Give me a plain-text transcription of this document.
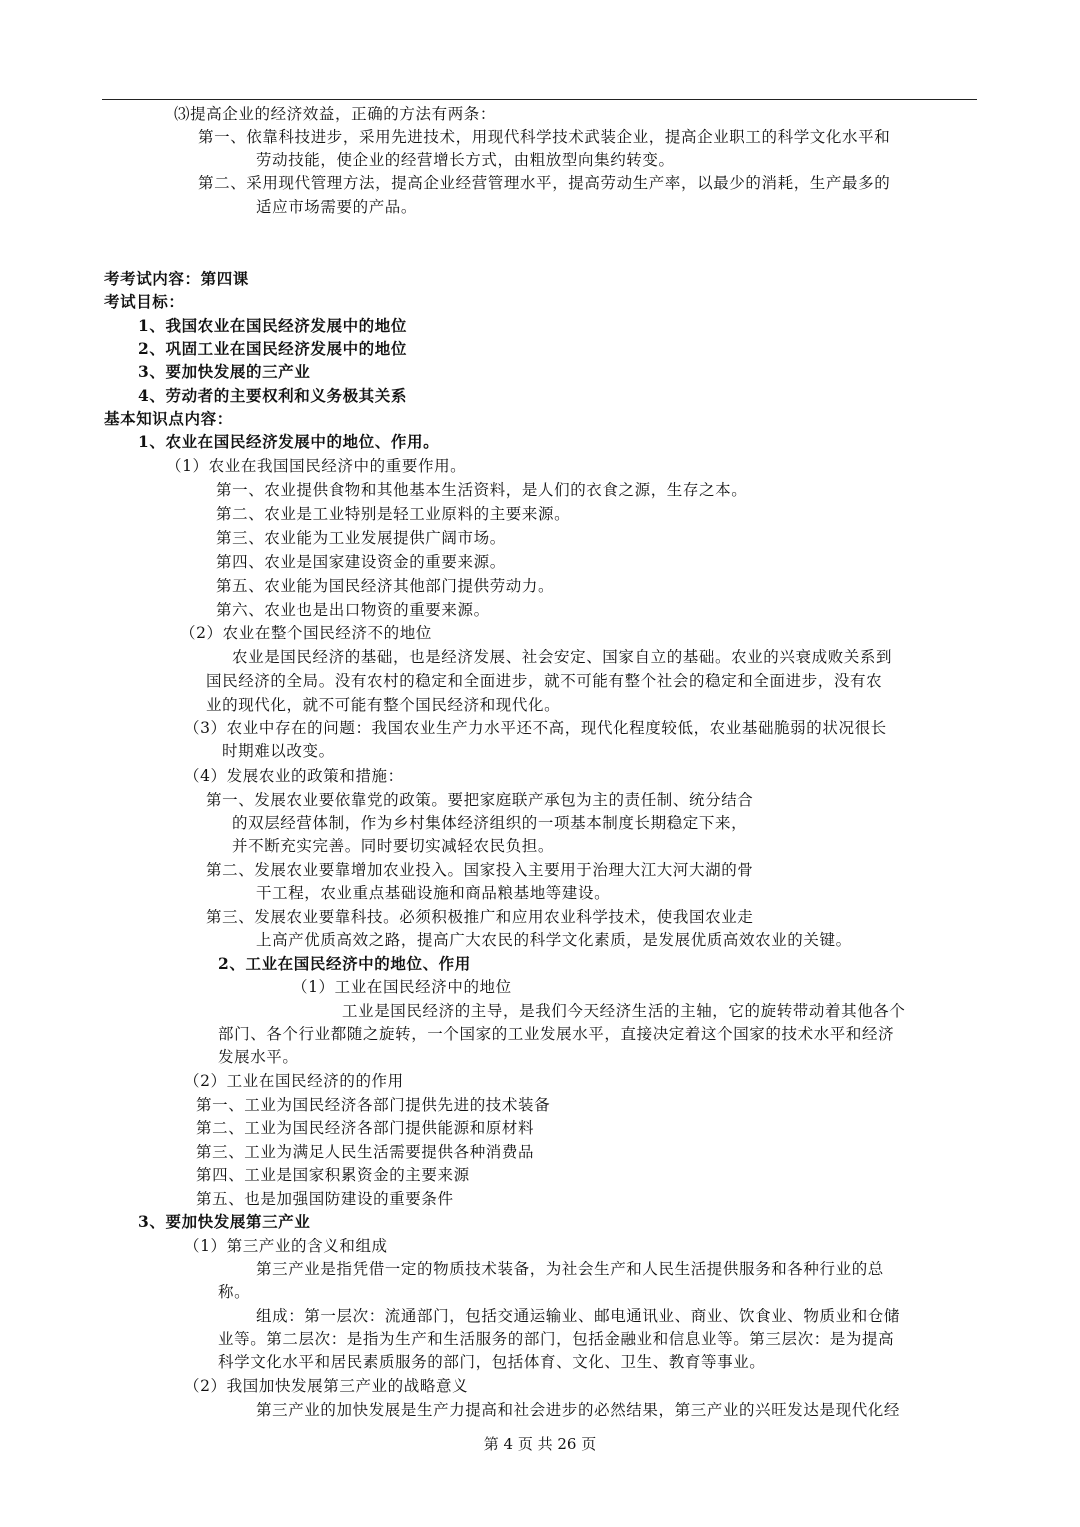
⑶提高企业的经济效益，正确的方法有两条：
第一、依靠科技进步，采用先进技术，用现代科学技术武装企业，提高企业职工的科学文化水平和
劳动技能，使企业的经营增长方式，由粗放型向集约转变。
第二、采用现代管理方法，提高企业经营管理水平，提高劳动生产率，以最少的消耗，生产最多的
适应市场需要的产品。
考考试内容：第四课
考试目标：
1、我国农业在国民经济发展中的地位
2、巩固工业在国民经济发展中的地位
3、要加快发展的三产业
4、劳动者的主要权利和义务极其关系
基本知识点内容：
1、农业在国民经济发展中的地位、作用。
（1）农业在我国国民经济中的重要作用。
第一、农业提供食物和其他基本生活资料，是人们的衣食之源，生存之本。
第二、农业是工业特别是轻工业原料的主要来源。
第三、农业能为工业发展提供广阔市场。
第四、农业是国家建设资金的重要来源。
第五、农业能为国民经济其他部门提供劳动力。
第六、农业也是出口物资的重要来源。
（2）农业在整个国民经济不的地位
农业是国民经济的基础，也是经济发展、社会安定、国家自立的基础。农业的兴衰成败关系到
国民经济的全局。没有农村的稳定和全面进步，就不可能有整个社会的稳定和全面进步，没有农
业的现代化，就不可能有整个国民经济和现代化。
（3）农业中存在的问题：我国农业生产力水平还不高，现代化程度较低，农业基础脆弱的状况很长
时期难以改变。
（4）发展农业的政策和措施：
第一、发展农业要依靠党的政策。要把家庭联产承包为主的责任制、统分结合
的双层经营体制，作为乡村集体经济组织的一项基本制度长期稳定下来，
并不断充实完善。同时要切实减轻农民负担。
第二、发展农业要靠增加农业投入。国家投入主要用于治理大江大河大湖的骨
干工程，农业重点基础设施和商品粮基地等建设。
第三、发展农业要靠科技。必须积极推广和应用农业科学技术，使我国农业走
上高产优质高效之路，提高广大农民的科学文化素质，是发展优质高效农业的关键。
2、工业在国民经济中的地位、作用
（1）工业在国民经济中的地位
工业是国民经济的主导，是我们今天经济生活的主轴，它的旋转带动着其他各个
部门、各个行业都随之旋转，一个国家的工业发展水平，直接决定着这个国家的技术水平和经济
发展水平。
（2）工业在国民经济的的作用
第一、工业为国民经济各部门提供先进的技术装备
第二、工业为国民经济各部门提供能源和原材料
第三、工业为满足人民生活需要提供各种消费品
第四、工业是国家积累资金的主要来源
第五、也是加强国防建设的重要条件
3、要加快发展第三产业
（1）第三产业的含义和组成
第三产业是指凭借一定的物质技术装备，为社会生产和人民生活提供服务和各种行业的总
称。
组成：第一层次：流通部门，包括交通运输业、邮电通讯业、商业、饮食业、物质业和仓储
业等。第二层次：是指为生产和生活服务的部门，包括金融业和信息业等。第三层次：是为提高
科学文化水平和居民素质服务的部门，包括体育、文化、卫生、教育等事业。
（2）我国加快发展第三产业的战略意义
第三产业的加快发展是生产力提高和社会进步的必然结果，第三产业的兴旺发达是现代化经
第 4 页 共 26 页
